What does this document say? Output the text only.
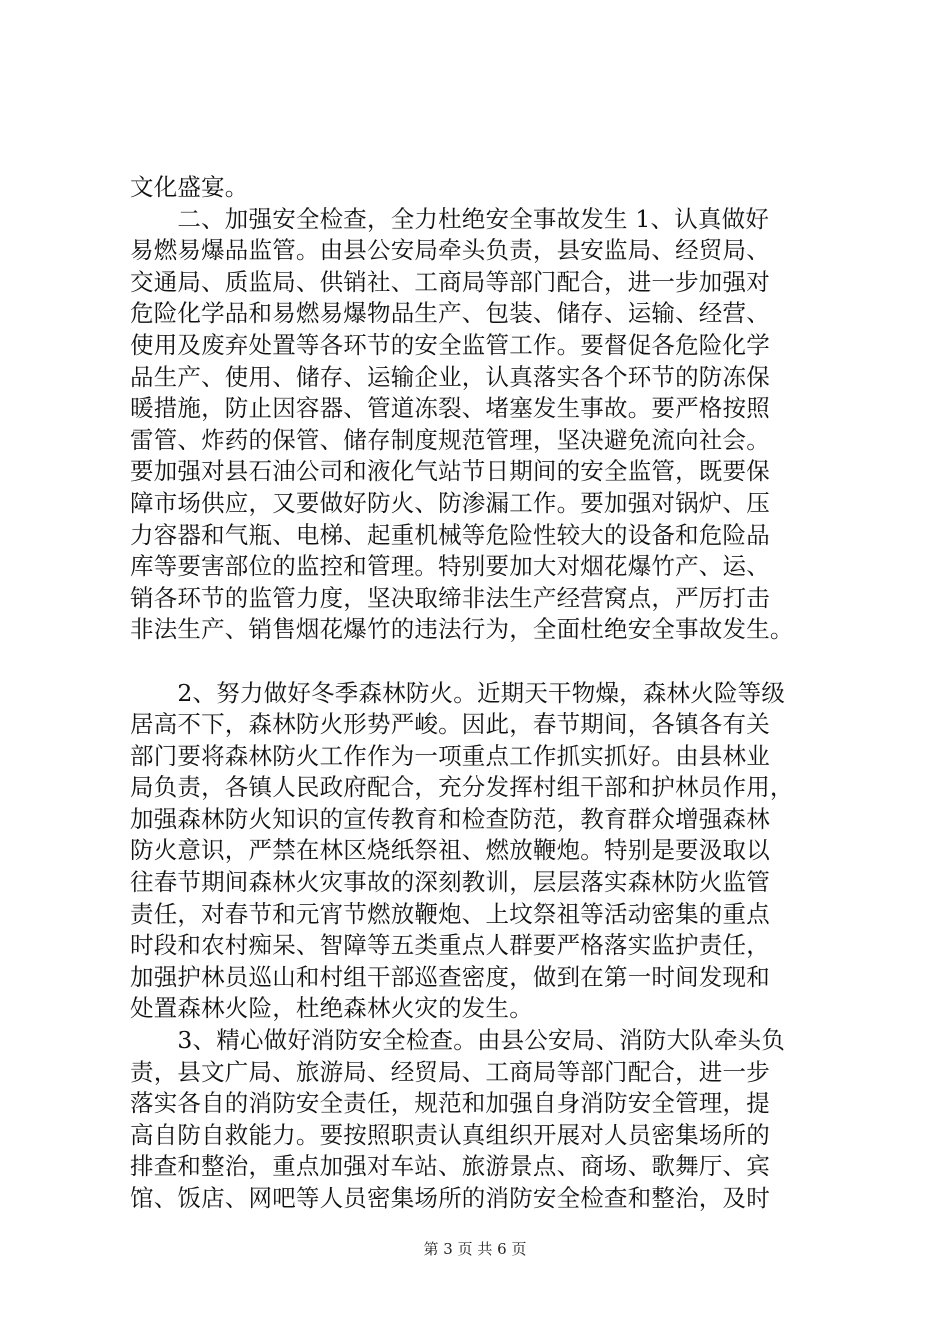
文化盛宴。
　　二、加强安全检查，全力杜绝安全事故发生 1、认真做好
易燃易爆品监管。由县公安局牵头负责，县安监局、经贸局、
交通局、质监局、供销社、工商局等部门配合，进一步加强对
危险化学品和易燃易爆物品生产、包装、储存、运输、经营、
使用及废弃处置等各环节的安全监管工作。要督促各危险化学
品生产、使用、储存、运输企业，认真落实各个环节的防冻保
暖措施，防止因容器、管道冻裂、堵塞发生事故。要严格按照
雷管、炸药的保管、储存制度规范管理，坚决避免流向社会。
要加强对县石油公司和液化气站节日期间的安全监管，既要保
障市场供应，又要做好防火、防渗漏工作。要加强对锅炉、压
力容器和气瓶、电梯、起重机械等危险性较大的设备和危险品
库等要害部位的监控和管理。特别要加大对烟花爆竹产、运、
销各环节的监管力度，坚决取缔非法生产经营窝点，严厉打击
非法生产、销售烟花爆竹的违法行为，全面杜绝安全事故发生。
　　2、努力做好冬季森林防火。近期天干物燥，森林火险等级
居高不下，森林防火形势严峻。因此，春节期间，各镇各有关
部门要将森林防火工作作为一项重点工作抓实抓好。由县林业
局负责，各镇人民政府配合，充分发挥村组干部和护林员作用，
加强森林防火知识的宣传教育和检查防范，教育群众增强森林
防火意识，严禁在林区烧纸祭祖、燃放鞭炮。特别是要汲取以
往春节期间森林火灾事故的深刻教训，层层落实森林防火监管
责任，对春节和元宵节燃放鞭炮、上坟祭祖等活动密集的重点
时段和农村痴呆、智障等五类重点人群要严格落实监护责任，
加强护林员巡山和村组干部巡查密度，做到在第一时间发现和
处置森林火险，杜绝森林火灾的发生。
　　3、精心做好消防安全检查。由县公安局、消防大队牵头负
责，县文广局、旅游局、经贸局、工商局等部门配合，进一步
落实各自的消防安全责任，规范和加强自身消防安全管理，提
高自防自救能力。要按照职责认真组织开展对人员密集场所的
排查和整治，重点加强对车站、旅游景点、商场、歌舞厅、宾
馆、饭店、网吧等人员密集场所的消防安全检查和整治，及时
第 3 页 共 6 页
